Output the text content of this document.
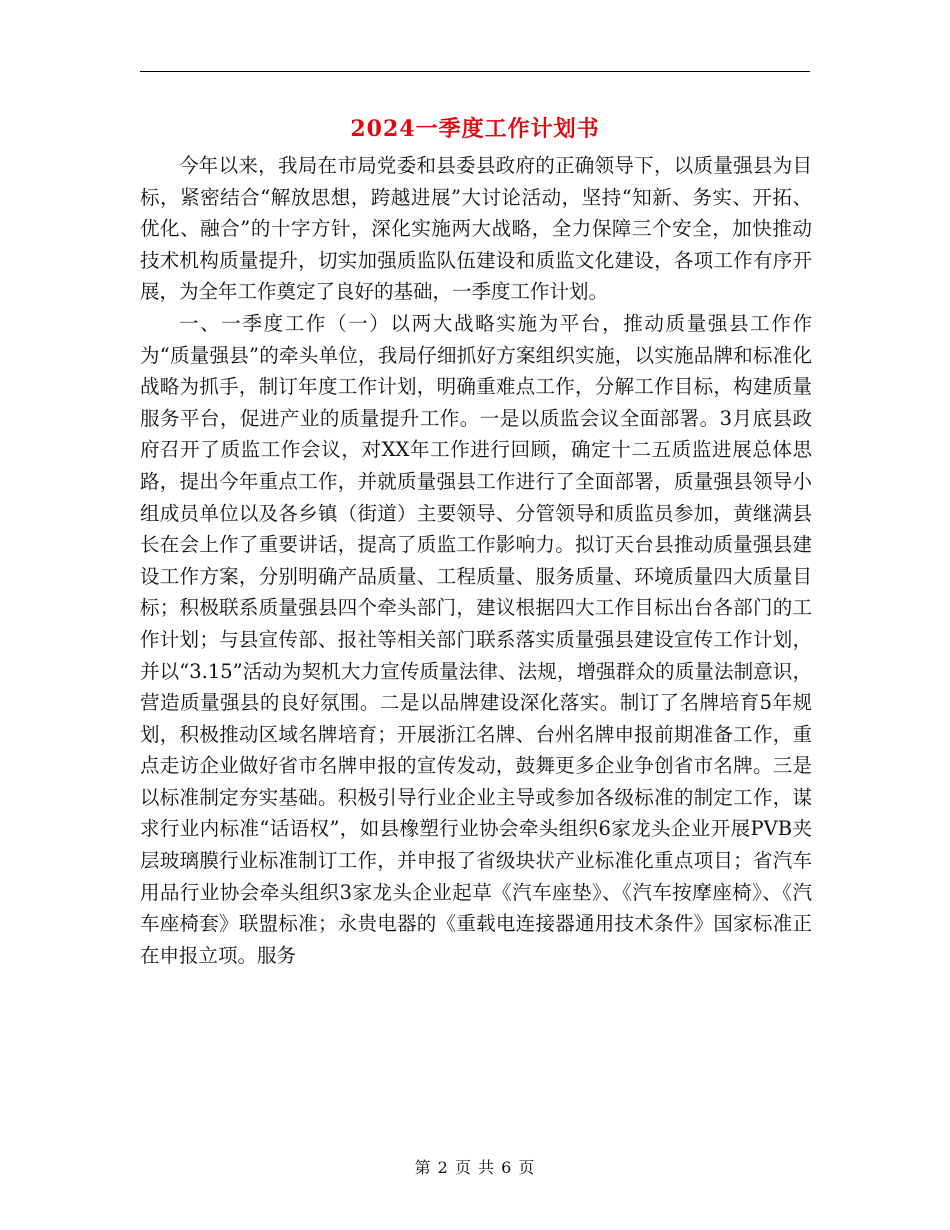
2024一季度工作计划书

今年以来，我局在市局党委和县委县政府的正确领导下，以质量强县为目标，紧密结合“解放思想，跨越进展”大讨论活动，坚持“知新、务实、开拓、优化、融合”的十字方针，深化实施两大战略，全力保障三个安全，加快推动技术机构质量提升，切实加强质监队伍建设和质监文化建设，各项工作有序开展，为全年工作奠定了良好的基础，一季度工作计划。

一、一季度工作（一）以两大战略实施为平台，推动质量强县工作作为“质量强县”的牵头单位，我局仔细抓好方案组织实施，以实施品牌和标准化战略为抓手，制订年度工作计划，明确重难点工作，分解工作目标，构建质量服务平台，促进产业的质量提升工作。一是以质监会议全面部署。3月底县政府召开了质监工作会议，对XX年工作进行回顾，确定十二五质监进展总体思路，提出今年重点工作，并就质量强县工作进行了全面部署，质量强县领导小组成员单位以及各乡镇（街道）主要领导、分管领导和质监员参加，黄继满县长在会上作了重要讲话，提高了质监工作影响力。拟订天台县推动质量强县建设工作方案，分别明确产品质量、工程质量、服务质量、环境质量四大质量目标；积极联系质量强县四个牵头部门，建议根据四大工作目标出台各部门的工作计划；与县宣传部、报社等相关部门联系落实质量强县建设宣传工作计划，并以“3.15”活动为契机大力宣传质量法律、法规，增强群众的质量法制意识，营造质量强县的良好氛围。二是以品牌建设深化落实。制订了名牌培育5年规划，积极推动区域名牌培育；开展浙江名牌、台州名牌申报前期准备工作，重点走访企业做好省市名牌申报的宣传发动，鼓舞更多企业争创省市名牌。三是以标准制定夯实基础。积极引导行业企业主导或参加各级标准的制定工作，谋求行业内标准“话语权”，如县橡塑行业协会牵头组织6家龙头企业开展PVB夹层玻璃膜行业标准制订工作，并申报了省级块状产业标准化重点项目；省汽车用品行业协会牵头组织3家龙头企业起草《汽车座垫》、《汽车按摩座椅》、《汽车座椅套》联盟标准；永贵电器的《重载电连接器通用技术条件》国家标准正在申报立项。服务

第 2 页 共 6 页
